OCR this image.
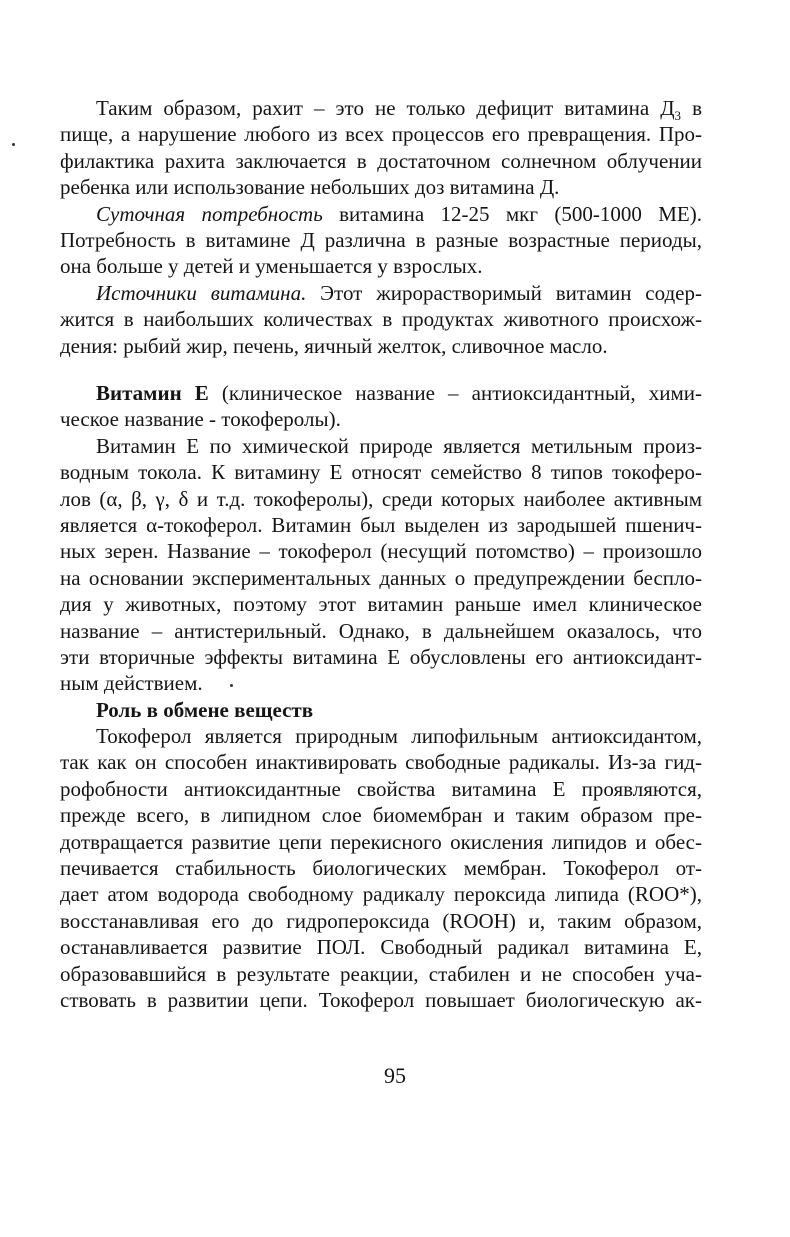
Таким образом, рахит – это не только дефицит витамина $Д_3$ в
пище, а нарушение любого из всех процессов его превращения. Про-
филактика рахита заключается в достаточном солнечном облучении
ребенка или использование небольших доз витамина Д.
Суточная потребность витамина 12-25 мкг (500-1000 МЕ).
Потребность в витамине Д различна в разные возрастные периоды,
она больше у детей и уменьшается у взрослых.
Источники витамина. Этот жирорастворимый витамин содер-
жится в наибольших количествах в продуктах животного происхож-
дения: рыбий жир, печень, яичный желток, сливочное масло.
Витамин Е (клиническое название – антиоксидантный, хими-
ческое название - токоферолы).
Витамин Е по химической природе является метильным произ-
водным токола. К витамину Е относят семейство 8 типов токоферо-
лов (α, β, γ, δ и т.д. токоферолы), среди которых наиболее активным
является α-токоферол. Витамин был выделен из зародышей пшенич-
ных зерен. Название – токоферол (несущий потомство) – произошло
на основании экспериментальных данных о предупреждении беспло-
дия у животных, поэтому этот витамин раньше имел клиническое
название – антистерильный. Однако, в дальнейшем оказалось, что
эти вторичные эффекты витамина Е обусловлены его антиоксидант-
ным действием.
Роль в обмене веществ
Токоферол является природным липофильным антиоксидантом,
так как он способен инактивировать свободные радикалы. Из-за гид-
рофобности антиоксидантные свойства витамина Е проявляются,
прежде всего, в липидном слое биомембран и таким образом пре-
дотвращается развитие цепи перекисного окисления липидов и обес-
печивается стабильность биологических мембран. Токоферол от-
дает атом водорода свободному радикалу пероксида липида (ROO*),
восстанавливая его до гидропероксида (ROOH) и, таким образом,
останавливается развитие ПОЛ. Свободный радикал витамина Е,
образовавшийся в результате реакции, стабилен и не способен уча-
ствовать в развитии цепи. Токоферол повышает биологическую ак-
95
